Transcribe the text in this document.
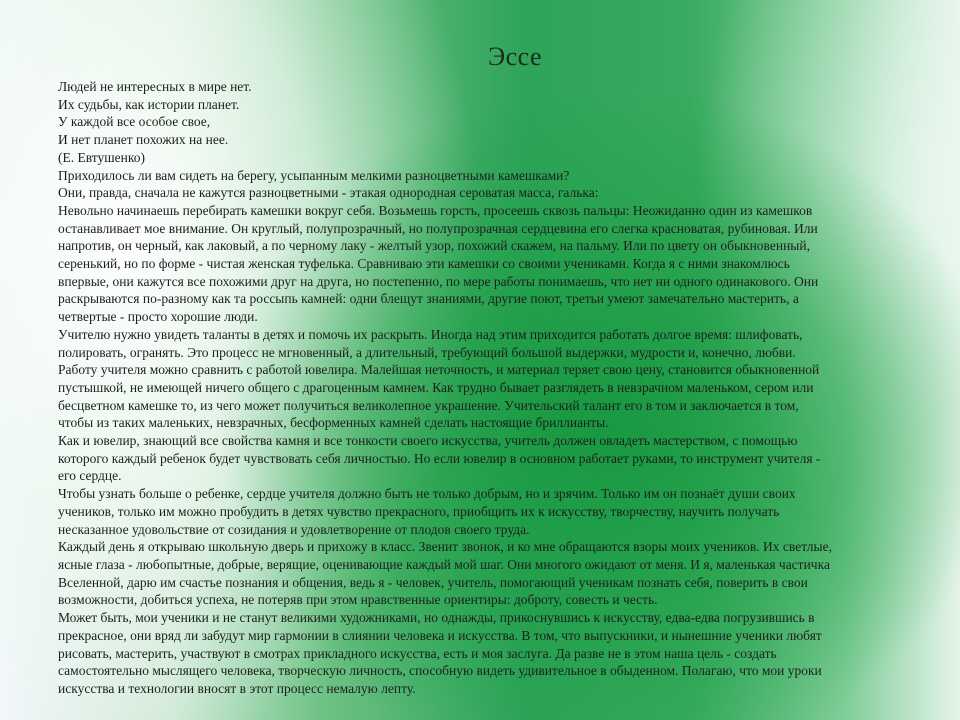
Эссе
Людей не интересных в мире нет.
Их судьбы, как истории планет.
У каждой все особое свое,
И нет планет похожих на нее.
(Е. Евтушенко)
Приходилось ли вам сидеть на берегу, усыпанным мелкими разноцветными камешками?
Они, правда, сначала не кажутся разноцветными - этакая однородная сероватая масса, галька:
Невольно начинаешь перебирать камешки вокруг себя. Возьмешь горсть, просеешь сквозь пальцы: Неожиданно один из камешков
останавливает мое внимание. Он круглый, полупрозрачный, но полупрозрачная сердцевина его слегка красноватая, рубиновая. Или
напротив, он черный, как лаковый, а по черному лаку - желтый узор, похожий скажем, на пальму. Или по цвету он обыкновенный,
серенький, но по форме - чистая женская туфелька. Сравниваю эти камешки со своими учениками. Когда я с ними знакомлюсь
впервые, они кажутся все похожими друг на друга, но постепенно, по мере работы понимаешь, что нет ни одного одинакового. Они
раскрываются по-разному как та россыпь камней: одни блещут знаниями, другие поют, третьи умеют замечательно мастерить, а
четвертые - просто хорошие люди.
Учителю нужно увидеть таланты в детях и помочь их раскрыть. Иногда над этим приходится работать долгое время: шлифовать,
полировать, огранять. Это процесс не мгновенный, а длительный, требующий большой выдержки, мудрости и, конечно, любви.
Работу учителя можно сравнить с работой ювелира. Малейшая неточность, и материал теряет свою цену, становится обыкновенной
пустышкой, не имеющей ничего общего с драгоценным камнем. Как трудно бывает разглядеть в невзрачном маленьком, сером или
бесцветном камешке то, из чего может получиться великолепное украшение. Учительский талант его в том и заключается в том,
чтобы из таких маленьких, невзрачных, бесформенных камней сделать настоящие бриллианты.
Как и ювелир, знающий все свойства камня и все тонкости своего искусства, учитель должен овладеть мастерством, с помощью
которого каждый ребенок будет чувствовать себя личностью. Но если ювелир в основном работает руками, то инструмент учителя -
его сердце.
Чтобы узнать больше о ребенке, сердце учителя должно быть не только добрым, но и зрячим. Только им он познаёт души своих
учеников, только им можно пробудить в детях чувство прекрасного, приобщить их к искусству, творчеству, научить получать
несказанное удовольствие от созидания и удовлетворение от плодов своего труда.
Каждый день я открываю школьную дверь и прихожу в класс. Звенит звонок, и ко мне обращаются взоры моих учеников. Их светлые,
ясные глаза - любопытные, добрые, верящие, оценивающие каждый мой шаг. Они многого ожидают от меня. И я, маленькая частичка
Вселенной, дарю им счастье познания и общения, ведь я - человек, учитель, помогающий ученикам познать себя, поверить в свои
возможности, добиться успеха, не потеряв при этом нравственные ориентиры: доброту, совесть и честь.
Может быть, мои ученики и не станут великими художниками, но однажды, прикоснувшись к искусству, едва-едва погрузившись в
прекрасное, они вряд ли забудут мир гармонии в слиянии человека и искусства. В том, что выпускники, и нынешние ученики любят
рисовать, мастерить, участвуют в смотрах прикладного искусства, есть и моя заслуга. Да разве не в этом наша цель - создать
самостоятельно мыслящего человека, творческую личность, способную видеть удивительное в обыденном. Полагаю, что мои уроки
искусства и технологии вносят в этот процесс немалую лепту.
